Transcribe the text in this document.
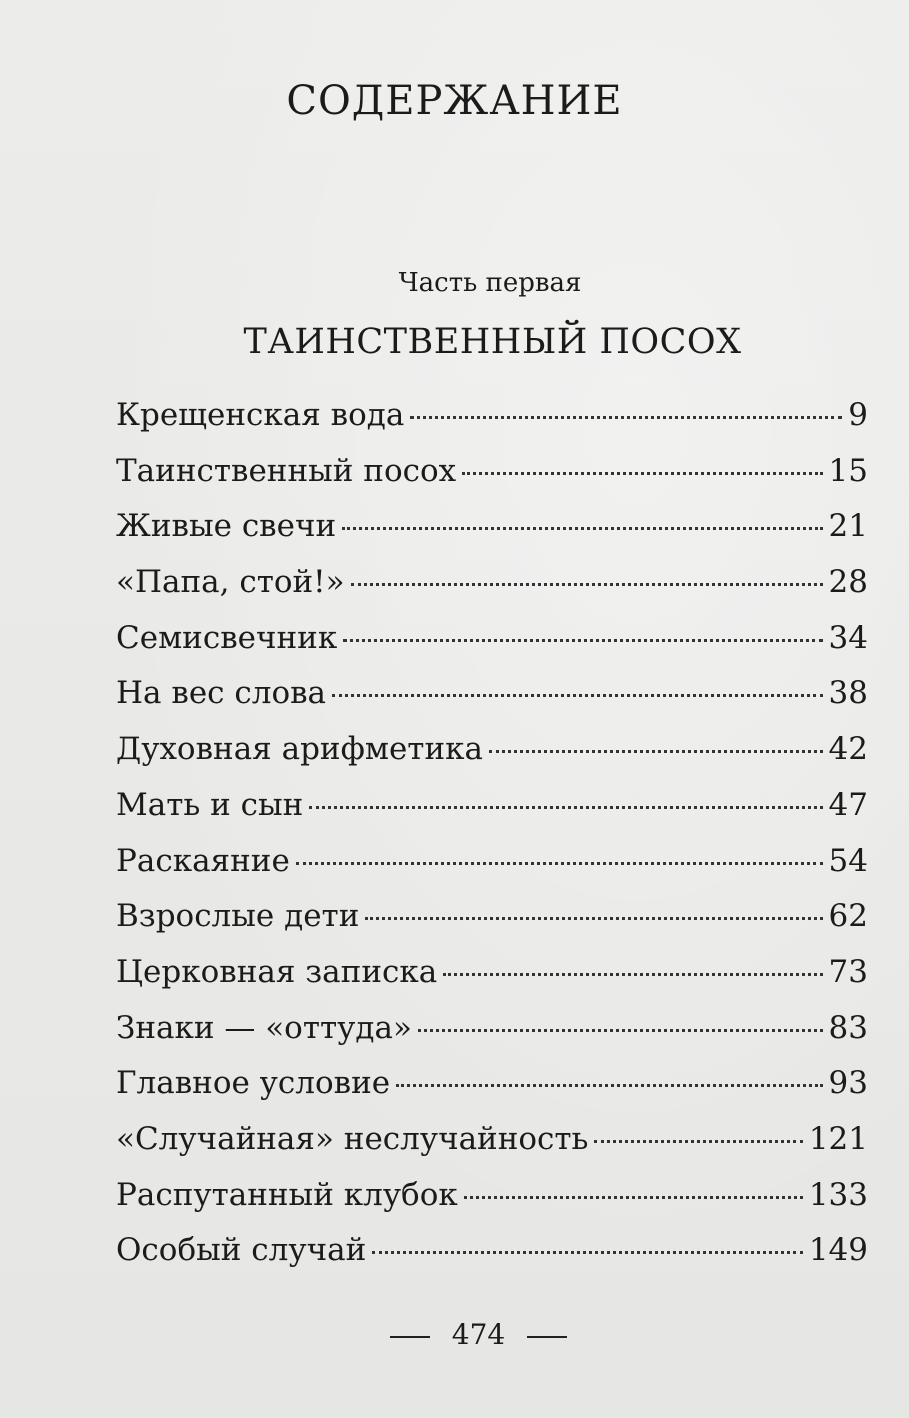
СОДЕРЖАНИЕ
Часть первая
ТАИНСТВЕННЫЙ ПОСОХ
Крещенская вода	9
Таинственный посох	15
Живые свечи	21
«Папа, стой!»	28
Семисвечник	34
На вес слова	38
Духовная арифметика	42
Мать и сын	47
Раскаяние	54
Взрослые дети	62
Церковная записка	73
Знаки — «оттуда»	83
Главное условие	93
«Случайная» неслучайность	121
Распутанный клубок	133
Особый случай	149
474
